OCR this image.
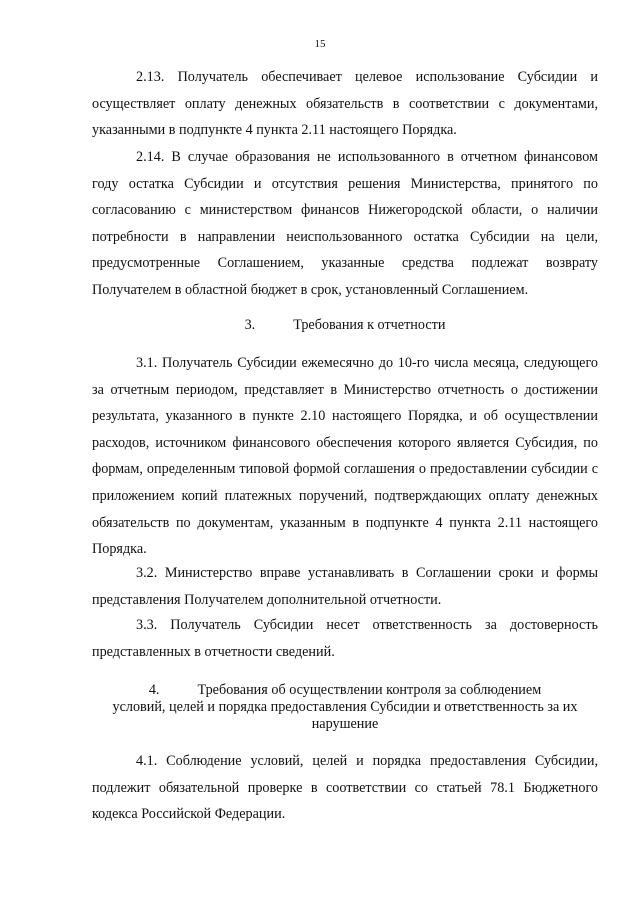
15

2.13. Получатель обеспечивает целевое использование Субсидии и осуществляет оплату денежных обязательств в соответствии с документами, указанными в подпункте 4 пункта 2.11 настоящего Порядка.

2.14. В случае образования не использованного в отчетном финансовом году остатка Субсидии и отсутствия решения Министерства, принятого по согласованию с министерством финансов Нижегородской области, о наличии потребности в направлении неиспользованного остатка Субсидии на цели, предусмотренные Соглашением, указанные средства подлежат возврату Получателем в областной бюджет в срок, установленный Соглашением.

3.	Требования к отчетности

3.1. Получатель Субсидии ежемесячно до 10-го числа месяца, следующего за отчетным периодом, представляет в Министерство отчетность о достижении результата, указанного в пункте 2.10 настоящего Порядка, и об осуществлении расходов, источником финансового обеспечения которого является Субсидия, по формам, определенным типовой формой соглашения о предоставлении субсидии с приложением копий платежных поручений, подтверждающих оплату денежных обязательств по документам, указанным в подпункте 4 пункта 2.11 настоящего Порядка.

3.2. Министерство вправе устанавливать в Соглашении сроки и формы представления Получателем дополнительной отчетности.

3.3. Получатель Субсидии несет ответственность за достоверность представленных в отчетности сведений.

4.	Требования об осуществлении контроля за соблюдением
условий, целей и порядка предоставления Субсидии и ответственность за их
нарушение

4.1. Соблюдение условий, целей и порядка предоставления Субсидии, подлежит обязательной проверке в соответствии со статьей 78.1 Бюджетного кодекса Российской Федерации.
